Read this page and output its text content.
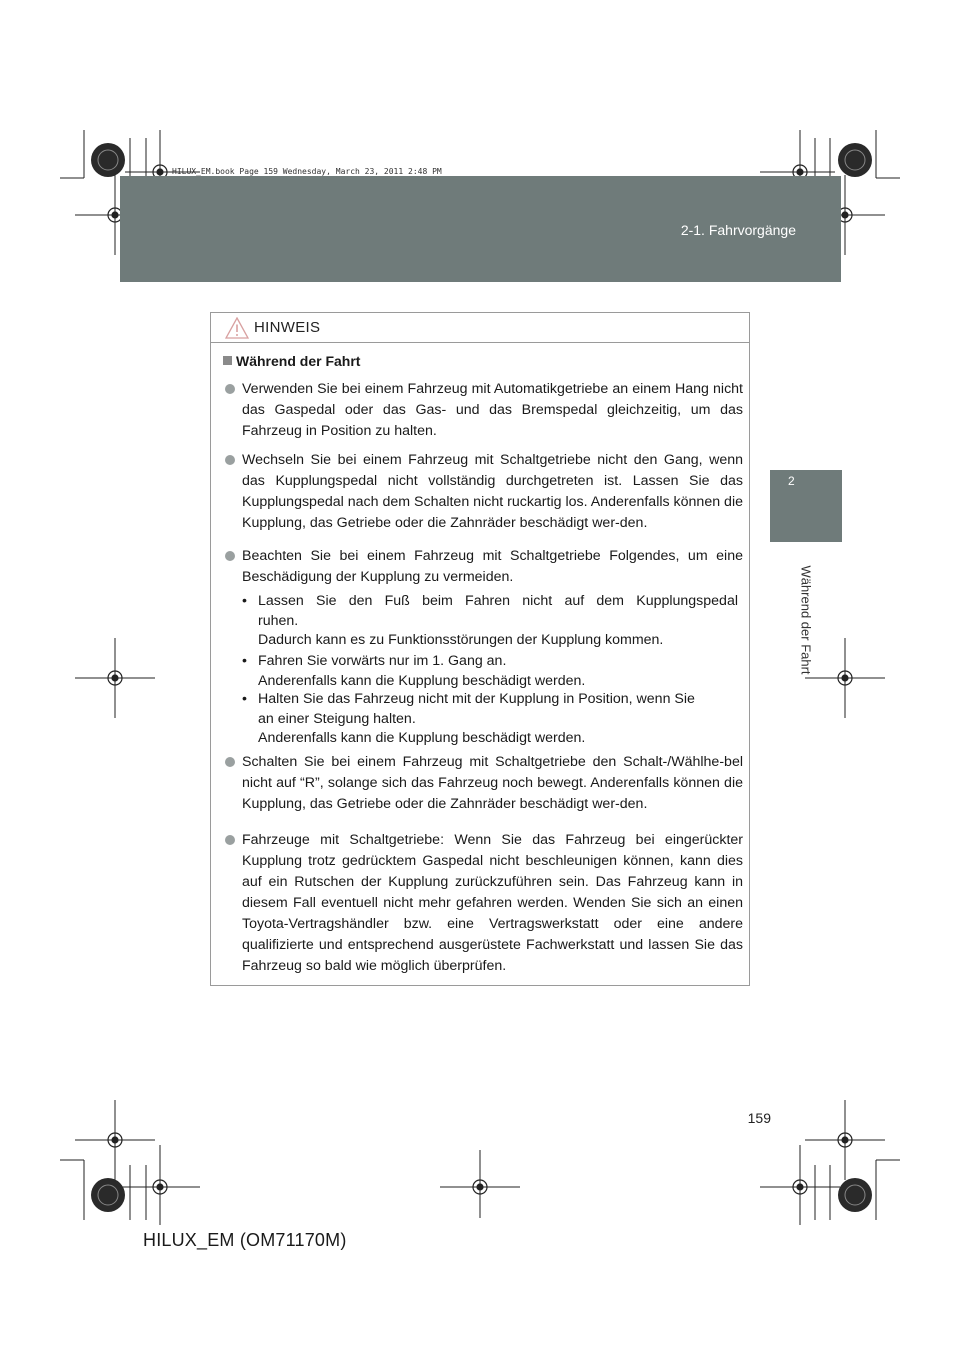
HILUX_EM.book Page 159 Wednesday, March 23, 2011 2:48 PM
2-1. Fahrvorgänge
2
Während der Fahrt
HINWEIS
Während der Fahrt
Verwenden Sie bei einem Fahrzeug mit Automatikgetriebe an einem Hang nicht das Gaspedal oder das Gas- und das Bremspedal gleichzeitig, um das Fahrzeug in Position zu halten.
Wechseln Sie bei einem Fahrzeug mit Schaltgetriebe nicht den Gang, wenn das Kupplungspedal nicht vollständig durchgetreten ist. Lassen Sie das Kupplungspedal nach dem Schalten nicht ruckartig los. Anderenfalls können die Kupplung, das Getriebe oder die Zahnräder beschädigt wer-den.
Beachten Sie bei einem Fahrzeug mit Schaltgetriebe Folgendes, um eine Beschädigung der Kupplung zu vermeiden.
• Lassen Sie den Fuß beim Fahren nicht auf dem Kupplungspedal
ruhen.
Dadurch kann es zu Funktionsstörungen der Kupplung kommen.
• Fahren Sie vorwärts nur im 1. Gang an.
Anderenfalls kann die Kupplung beschädigt werden.
• Halten Sie das Fahrzeug nicht mit der Kupplung in Position, wenn Sie
an einer Steigung halten.
Anderenfalls kann die Kupplung beschädigt werden.
Schalten Sie bei einem Fahrzeug mit Schaltgetriebe den Schalt-/Wählhe-bel nicht auf “R”, solange sich das Fahrzeug noch bewegt. Anderenfalls können die Kupplung, das Getriebe oder die Zahnräder beschädigt wer-den.
Fahrzeuge mit Schaltgetriebe: Wenn Sie das Fahrzeug bei eingerückter Kupplung trotz gedrücktem Gaspedal nicht beschleunigen können, kann dies auf ein Rutschen der Kupplung zurückzuführen sein. Das Fahrzeug kann in diesem Fall eventuell nicht mehr gefahren werden. Wenden Sie sich an einen Toyota-Vertragshändler bzw. eine Vertragswerkstatt oder eine andere qualifizierte und entsprechend ausgerüstete Fachwerkstatt und lassen Sie das Fahrzeug so bald wie möglich überprüfen.
159
HILUX_EM (OM71170M)
